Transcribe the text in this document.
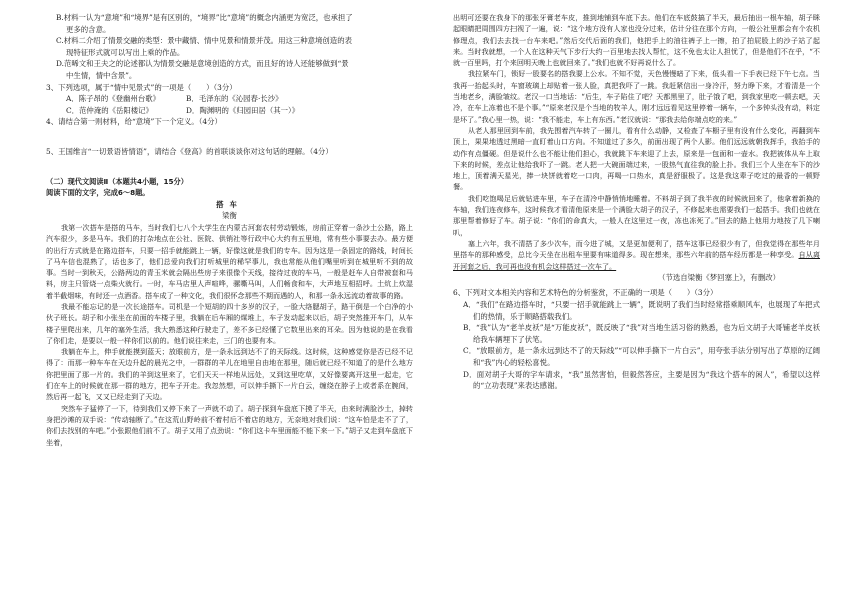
B.材料一认为“意境”和“境界”是有区别的，“境界”比“意境”的概念内涵更为宽泛，也承担了

更多的含意。

C.材料二介绍了情景交融的类型：景中藏情、情中见景和情景并茂。用这三种意境创造的表

现特征形式就可以写出上乘的作品。

D.范晞文和王夫之的论述都认为情景交融是意境创造的方式，而且好的诗人还能够做到“景

中生情，情中含景”。

3、下列选项，属于“情中见景式”的一项是（　　）（3分）

A．陈子昂的《登幽州台歌》	B．毛泽东的《沁园春·长沙》
C．范仲淹的《岳阳楼记》	D．陶渊明的《归园田居（其一）》

4、请结合第一则材料，给“意境”下一个定义。（4分）

5、王国维言“一切景语皆情语”，请结合《登高》的首联谈谈你对这句话的理解。（4分）

（二）现代文阅读Ⅱ（本题共4小题，15分）

阅读下面的文字，完成6～8题。

搭车

梁衡

我第一次搭车是搭的马车，当时我们七八个大学生在内蒙古河套农村劳动锻炼，房前正穿着一条沙土公路，路上汽车很少，多是马车。我们的打杂地点在公社、医院、供销社等行政中心大约有五里地，常有些小事要去办。最方便的出行方式就是在路边搭车，只要一招手就能跳上一辆，好像这就是我们的专车。因为这是一条固定的路线，时间长了马车信也混熟了，话也多了，他们总爱向我们打听城里的稀罕事儿，我也常能从他们嘴里听到在城里听不到的故事。当时一到秋天，公路两边的青玉米就会隔出些房子来很像个天线，接待过夜的车马，一般是赶车人自带被套和马料，房主只管烧一点柴火就行。一时，车马店里人声喧哗，骡嘶马叫，人们畅食和车，大声地互相招呼。土炕上炊湿着半截烟味，有时还一点酒香。搭车成了一种文化，我们很怀念那些不期而遇的人，和那一条永远流动着故事的路。

我最不能忘记的是一次长途搭车。司机是一个短胡的四十多岁的汉子，一脸大络腮胡子，路干倒是一个白净的小伙子班长。胡子和小张坐在前面的车楼子里，我躺在后车厢的煤堆上，车子发动起来以后，胡子突然推开车门，从车楼子里爬出来，几年的塞外生活，我大熟悉这种行驶走了，差不多已经懂了它数里出来的耳朵。因为他说的是在我看了你们走，是要以一般一样你们以前的。他们说往来走，三门的也要有本。

我躺在车上，伸手就能摸到蓝天；放眼前方，是一条永远到达不了的天际线。这时候，这种感觉你是否已经不记得了：而那一种车车在天边升起的晨光之中，一群群的羊儿在地里自由地在那里，随后就已经不知道了的是什么地方你把里面了那一片的。我们的羊到这里来了，它们天天一样地从远处，又到这里吃草，又好像要离开这里一起走，它们在车上的时候就在那一群的地方，把车子开走。我忽然想，可以伸手撕下一片白云，缠绕在脖子上或者系在腕间，然后再一起飞，又又已经走到了天边。

突然车子猛停了一下，待到我们又停下来了一声就不动了。胡子探到车盘底下摸了半天，由来时满脸沙土，掉转身把沙滩的双手说：“传动轴断了。”在这荒山野岭前不着村后不着店的地方，无奈地对我们说：“这车怕是走不了了，你们去找别的车吧。”小张跟他们前不了。胡子又用了点劲说：“你们这卡车里面能不能下来一下。”胡子又走到车盘底下坐着，

出明可还要在我身下的那张牙膏老车皮，推到地铺到车底下去。他们在车底鼓搞了半天，最后抽出一根车轴，胡子眯起眼睛把周围四方扫视了一遍，说：“这个地方没有人家也没分过来，估计分往在那个方向，一般公社里都会有个农机修理点，我们去去找一台车来吧。”然后交代后面的我们，他把手上的油往裤子上一擦，拍了拍屁股上的沙子站了起来。当时我就想，一个人在这种天气下步行大约一百里地去找人帮忙，这不免也太让人担忧了，但是他们不在乎，“不就一百里吗，打个来回明天晚上也就回来了。”我们也就不好再说什么了。

我拉紧车门，锁好一股要名的搭我要上公水。不知不觉，天色慢慢暗了下来，低头看一下手表已经下午七点。当我再一抬起头时，车窗玻璃上却贴着一张人脸，真把我吓了一跳。我赶紧信出一身冷汗，努力睁下来，才看清是一个当地老乡，满脸皱纹。老汉一口当地话：“后生，车子陷住了吧？天都黑里了，肚子饿了吧，到我家里吃一顿去吧，天冷，在车上冻着也不是个事。”“原来老汉是个当地的牧羊人，刚才远远看见这里停着一辆车，一个多钟头没有动，料定是坏了。”我心里一热，说：“我不能走，车上有东西。”老汉就说：“那我去给你端点吃的来。”

从老人那里回到车前，我先围着汽车转了一圈儿，看有什么动静，又检查了车橱子里有没有什么变化，再翻到车顶上，果果地透过黑暗一直盯着山口方向。不知道过了多久，前面出现了两个人影。他们远远就朝我挥手，我抬手的动作有点僵硬。但是说什么也不能让他们担心，我就跳下车来迎了上去，原来是一包面和一壶水。我把被体从车上取下来的时候，差点让他给我吓了一跳。老人把一大碗面端过来，一股热气直往我的脸上扑。我们三个人坐在车下的沙地上，顶着满天星光，捧一块饼就着吃一口肉，再喝一口热水，真是舒服极了。这是我这辈子吃过的最香的一顿野餐。

我们吃饱喝足后就钻进车里，车子在清冷中静悄悄地睡着。不料胡子到了我半夜的时候就回来了，他拿着新换的车轴，我们连夜修车，这时候我才看清他原来是一个满脸大胡子的汉子，不修起来也需要我们一起搭手。我们也就在那里帮着修好了车。胡子说：“你们的命真大，一般人在这里过一夜，冻也冻死了。”回去的路上他用力地按了几下喇叭，

塞上六年，我不清搭了多少次车，而今进了城，又是更加便利了，搭车这事已经很少有了，但我觉得在那些年月里搭车的那种感受，总比今天坐在出租车里要有味道得多。现在想来，那些六年前的搭车经历都是一种享受。自从离开河套之后，我可再也没有机会这样搭过一次车了。

（节选自梁衡《梦回塞上》，有删改）

6、下列对文本相关内容和艺术特色的分析鉴赏，不正确的一项是（　　）（3分）

A．“我们”在路边搭车时，“只要一招手就能跳上一辆”，既说明了我们当时经常搭乘顺风车，也展现了车把式们的热情，乐于顺路搭载我们。

B．“我”认为“老羊皮袄”是“万能皮袄”，既反映了“我”对当地生活习俗的熟悉，也为后文胡子大哥铺老羊皮袄给我车辆埋下了伏笔。

C．“放眼前方，是一条永远到达不了的天际线”“可以伸手撕下一片白云”，用夸张手法分别写出了草原的辽阔和“我”内心的轻松喜悦。

D．面对胡子大哥的字车请求，“我”虽然害怕，但毅然答应，主要是因为“我这个搭车的闲人”，希望以这样的“立功表现”来表达感谢。
